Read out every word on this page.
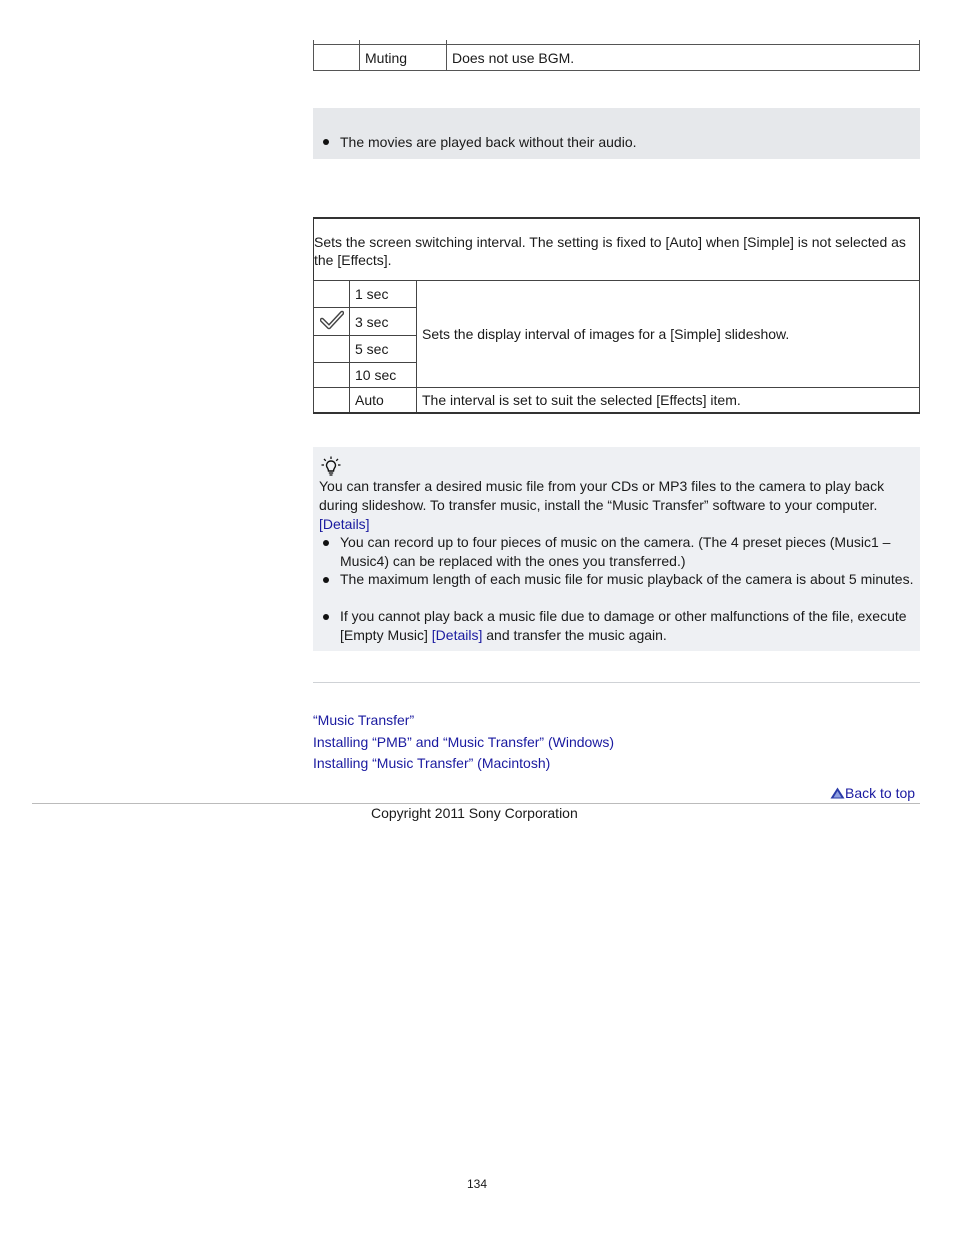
	Muting	Does not use BGM.
The movies are played back without their audio.
Sets the screen switching interval. The setting is fixed to [Auto] when [Simple] is not selected as the [Effects].		
	1 sec	Sets the display interval of images for a [Simple] slideshow.
	3 sec	
	5 sec	
	10 sec	
	Auto	The interval is set to suit the selected [Effects] item.

You can transfer a desired music file from your CDs or MP3 files to the camera to play back during slideshow. To transfer music, install the “Music Transfer” software to your computer.

[Details]

You can record up to four pieces of music on the camera. (The 4 preset pieces (Music1 – Music4) can be replaced with the ones you transferred.)

The maximum length of each music file for music playback of the camera is about 5 minutes.

If you cannot play back a music file due to damage or other malfunctions of the file, execute [Empty Music] [Details] and transfer the music again.

“Music Transfer”
Installing “PMB” and “Music Transfer” (Windows)
Installing “Music Transfer” (Macintosh)
Back to top
Copyright 2011 Sony Corporation
134
